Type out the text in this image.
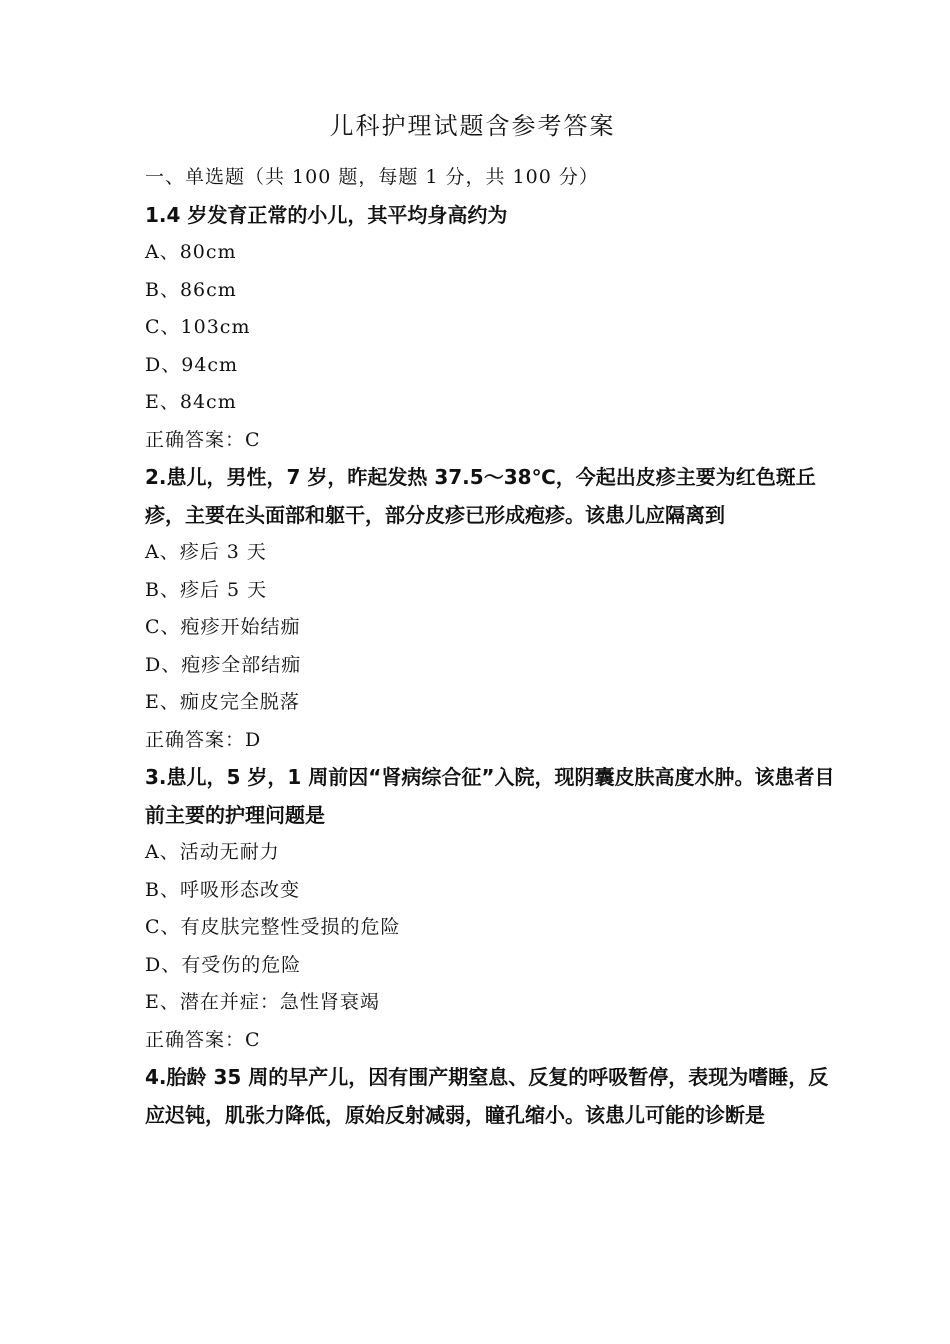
儿科护理试题含参考答案
一、单选题（共 100 题，每题 1 分，共 100 分）
1.4 岁发育正常的小儿，其平均身高约为
A、80cm
B、86cm
C、103cm
D、94cm
E、84cm
正确答案：C
2.患儿，男性，7 岁，昨起发热 37.5～38℃，今起出皮疹主要为红色斑丘疹，主要在头面部和躯干，部分皮疹已形成疱疹。该患儿应隔离到
A、疹后 3 天
B、疹后 5 天
C、疱疹开始结痂
D、疱疹全部结痂
E、痂皮完全脱落
正确答案：D
3.患儿，5 岁，1 周前因“肾病综合征”入院，现阴囊皮肤高度水肿。该患者目前主要的护理问题是
A、活动无耐力
B、呼吸形态改变
C、有皮肤完整性受损的危险
D、有受伤的危险
E、潜在并症：急性肾衰竭
正确答案：C
4.胎龄 35 周的早产儿，因有围产期窒息、反复的呼吸暂停，表现为嗜睡，反应迟钝，肌张力降低，原始反射减弱，瞳孔缩小。该患儿可能的诊断是
